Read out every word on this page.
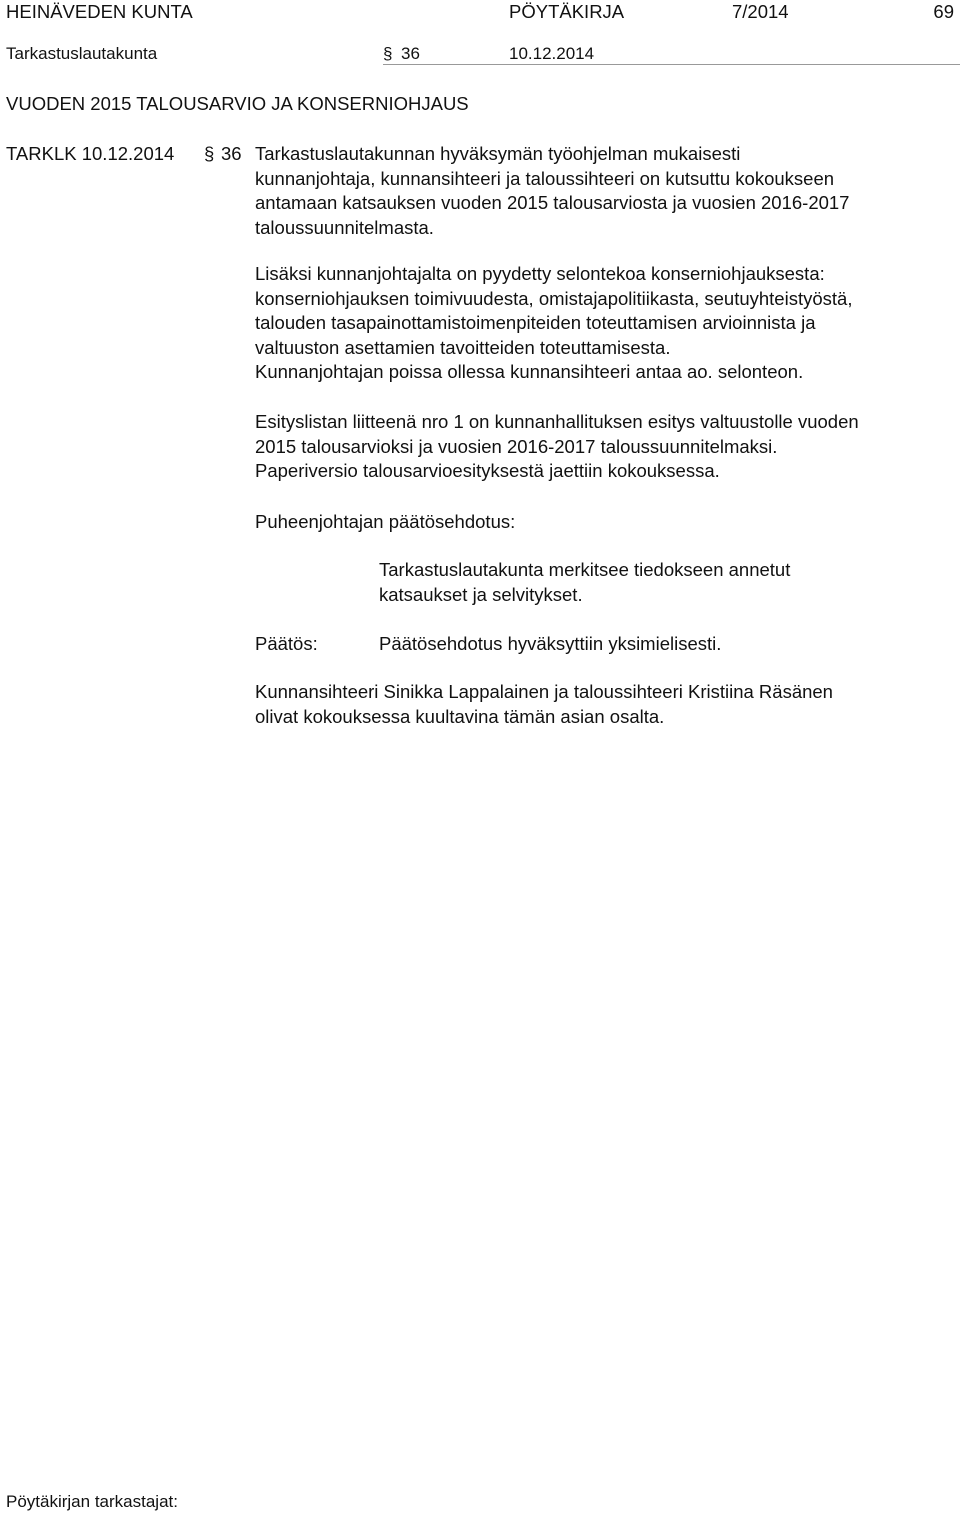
HEINÄVEDEN KUNTA	PÖYTÄKIRJA	7/2014	69
Tarkastuslautakunta	§ 36	10.12.2014
VUODEN 2015 TALOUSARVIO JA KONSERNIOHJAUS
TARKLK 10.12.2014 § 36 Tarkastuslautakunnan hyväksymän työohjelman mukaisesti
kunnanjohtaja, kunnansihteeri ja taloussihteeri on kutsuttu kokoukseen
antamaan katsauksen vuoden 2015 talousarviosta ja vuosien 2016-2017
taloussuunnitelmasta.
Lisäksi kunnanjohtajalta on pyydetty selontekoa konserniohjauksesta:
konserniohjauksen toimivuudesta, omistajapolitiikasta, seutuyhteistyöstä,
talouden tasapainottamistoimenpiteiden toteuttamisen arvioinnista ja
valtuuston asettamien tavoitteiden toteuttamisesta.
Kunnanjohtajan poissa ollessa kunnansihteeri antaa ao. selonteon.
Esityslistan liitteenä nro 1 on kunnanhallituksen esitys valtuustolle vuoden
2015 talousarvioksi ja vuosien 2016-2017 taloussuunnitelmaksi.
Paperiversio talousarvioesityksestä jaettiin kokouksessa.
Puheenjohtajan päätösehdotus:
Tarkastuslautakunta merkitsee tiedokseen annetut
katsaukset ja selvitykset.
Päätös:	Päätösehdotus hyväksyttiin yksimielisesti.
Kunnansihteeri Sinikka Lappalainen ja taloussihteeri Kristiina Räsänen
olivat kokouksessa kuultavina tämän asian osalta.
Pöytäkirjan tarkastajat:
